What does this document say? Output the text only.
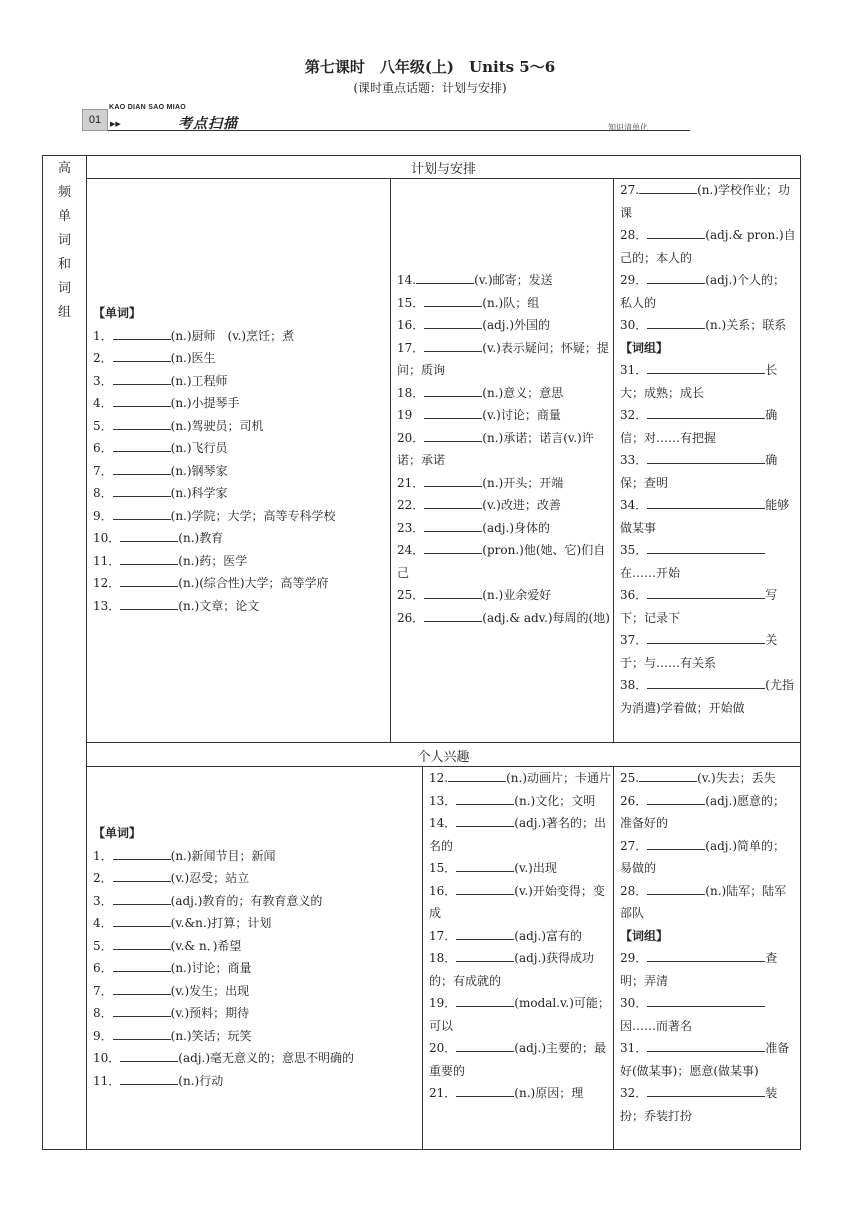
第七课时　八年级(上)　Units 5～6
(课时重点话题：计划与安排)
01
KAO DIAN SAO MIAO
▶▶	考点扫描	知识清单化
高
频
单
词
和
词
组
计划与安排
个人兴趣
【单词】
1．	(n.)厨师　(v.)烹饪；煮
2．	(n.)医生
3．	(n.)工程师
4．	(n.)小提琴手
5．	(n.)驾驶员；司机
6．	(n.)飞行员
7．	(n.)钢琴家
8．	(n.)科学家
9．	(n.)学院；大学；高等专科学校
10．	(n.)教育
11．	(n.)药；医学
12．	(n.)(综合性)大学；高等学府
13．	(n.)文章；论文
14.	(v.)邮寄；发送
15．	(n.)队；组
16．	(adj.)外国的
17．	(v.)表示疑问；怀疑；提问；质询
18．	(n.)意义；意思
19　	(v.)讨论；商量
20．	(n.)承诺；诺言(v.)许诺；承诺
21．	(n.)开头；开端
22．	(v.)改进；改善
23．	(adj.)身体的
24．	(pron.)他(她、它)们自己
25．	(n.)业余爱好
26．	(adj.& adv.)每周的(地)
27.	(n.)学校作业；功课
28．	(adj.& pron.)自己的；本人的
29．	(adj.)个人的；私人的
30．	(n.)关系；联系
【词组】
31．	长大；成熟；成长
32．	确信；对……有把握
33．	确保；查明
34．	能够做某事
35．在……开始
36．	写下；记录下
37．	关于；与……有关系
38．	(尤指为消遣)学着做；开始做
【单词】
1．	(n.)新闻节目；新闻
2．	(v.)忍受；站立
3．	(adj.)教育的；有教育意义的
4．	(v.&n.)打算；计划
5．	(v.& n．)希望
6．	(n.)讨论；商量
7．	(v.)发生；出现
8．	(v.)预料；期待
9．	(n.)笑话；玩笑
10．	(adj.)毫无意义的；意思不明确的
11．	(n.)行动
12.	(n.)动画片；卡通片
13．	(n.)文化；文明
14．	(adj.)著名的；出名的
15．	(v.)出现
16．	(v.)开始变得；变成
17．	(adj.)富有的
18．	(adj.)获得成功的；有成就的
19．	(modal.v.)可能；可以
20．	(adj.)主要的；最重要的
21．	(n.)原因；理
25.	(v.)失去；丢失
26．	(adj.)愿意的；准备好的
27．	(adj.)简单的；易做的
28．	(n.)陆军；陆军部队
【词组】
29．	查明；弄清
30．因……而著名
31．	准备好(做某事)；愿意(做某事)
32．	装扮；乔装打扮
